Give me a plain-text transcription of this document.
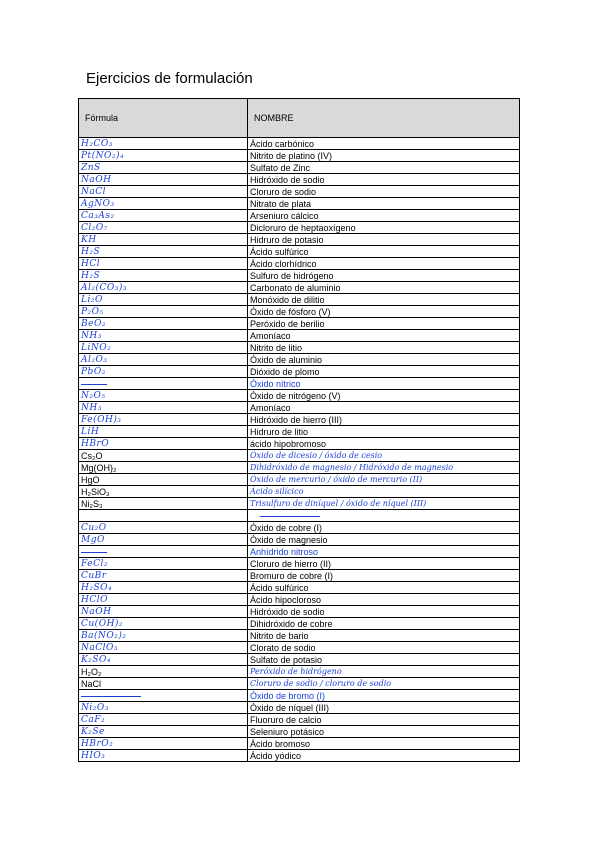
Ejercicios de formulación
Fórmula	NOMBRE
H₂CO₃	Ácido carbónico
Pt(NO₂)₄	Nitrito de platino (IV)
ZnS	Sulfato de Zinc
NaOH	Hidróxido de sodio
NaCl	Cloruro de sodio
AgNO₃	Nitrato de plata
Ca₃As₂	Arseniuro cálcico
Cl₂O₇	Dicloruro de heptaoxígeno
KH	Hidruro de potasio
H₂S	Ácido sulfúrico
HCl	Ácido clorhídrico
H₂S	Sulfuro de hidrógeno
Al₂(CO₃)₃	Carbonato de aluminio
Li₂O	Monóxido de dilitio
P₂O₅	Óxido de fósforo (V)
BeO₂	Peróxido de berilio
NH₃	Amoníaco
LiNO₂	Nitrito de litio
Al₂O₃	Óxido de aluminio
PbO₂	Dióxido de plomo
	Óxido nítrico
N₂O₅	Óxido de nitrógeno (V)
NH₃	Amoníaco
Fe(OH)₃	Hidróxido de hierro (III)
LiH	Hidruro de litio
HBrO	ácido hipobromoso
Cs₂O	Óxido de dicesio / óxido de cesio
Mg(OH)₂	Dihidróxido de magnesio / Hidróxido de magnesio
HgO	Óxido de mercurio / óxido de mercurio (II)
H₂SiO₃	Ácido silícico
Ni₂S₃	Trisulfuro de diníquel / óxido de níquel (III)

Cu₂O	Óxido de cobre (I)
MgO	Óxido de magnesio
	Anhídrido nitroso
FeCl₂	Cloruro de hierro (II)
CuBr	Bromuro de cobre (I)
H₂SO₄	Ácido sulfúrico
HClO	Ácido hipocloroso
NaOH	Hidróxido de sodio
Cu(OH)₂	Dihidróxido de cobre
Ba(NO₂)₂	Nitrito de bario
NaClO₃	Clorato de sodio
K₂SO₄	Sulfato de potasio
H₂O₂	Peróxido de hidrógeno
NaCl	Cloruro de sodio / cloruro de sodio
	Óxido de bromo (I)
Ni₂O₃	Óxido de níquel (III)
CaF₂	Fluoruro de calcio
K₂Se	Seleniuro potásico
HBrO₂	Ácido bromoso
HIO₃	Ácido yódico
